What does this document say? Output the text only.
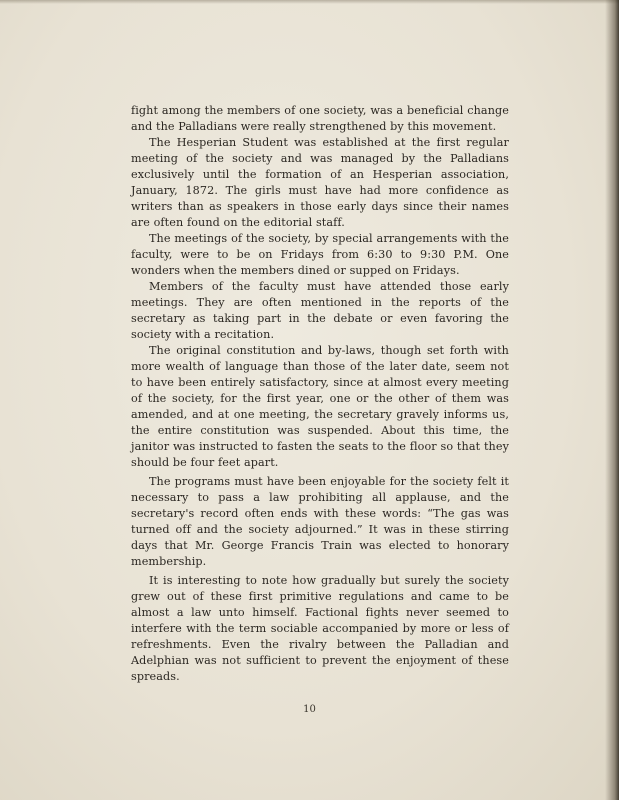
fight among the members of one society, was a beneficial change and the Palladians were really strengthened by this movement.

The Hesperian Student was established at the first regular meeting of the society and was managed by the Palladians exclusively until the formation of an Hesperian association, January, 1872. The girls must have had more confidence as writers than as speakers in those early days since their names are often found on the editorial staff.

The meetings of the society, by special arrangements with the faculty, were to be on Fridays from 6:30 to 9:30 P.M. One wonders when the members dined or supped on Fridays.

Members of the faculty must have attended those early meetings. They are often mentioned in the reports of the secretary as taking part in the debate or even favoring the society with a recitation.

The original constitution and by-laws, though set forth with more wealth of language than those of the later date, seem not to have been entirely satisfactory, since at almost every meeting of the society, for the first year, one or the other of them was amended, and at one meeting, the secretary gravely informs us, the entire constitution was suspended. About this time, the janitor was instructed to fasten the seats to the floor so that they should be four feet apart.

The programs must have been enjoyable for the society felt it necessary to pass a law prohibiting all applause, and the secretary's record often ends with these words: “The gas was turned off and the society adjourned.” It was in these stirring days that Mr. George Francis Train was elected to honorary membership.

It is interesting to note how gradually but surely the society grew out of these first primitive regulations and came to be almost a law unto himself. Factional fights never seemed to interfere with the term sociable accompanied by more or less of refreshments. Even the rivalry between the Palladian and Adelphian was not sufficient to prevent the enjoyment of these spreads.

10
